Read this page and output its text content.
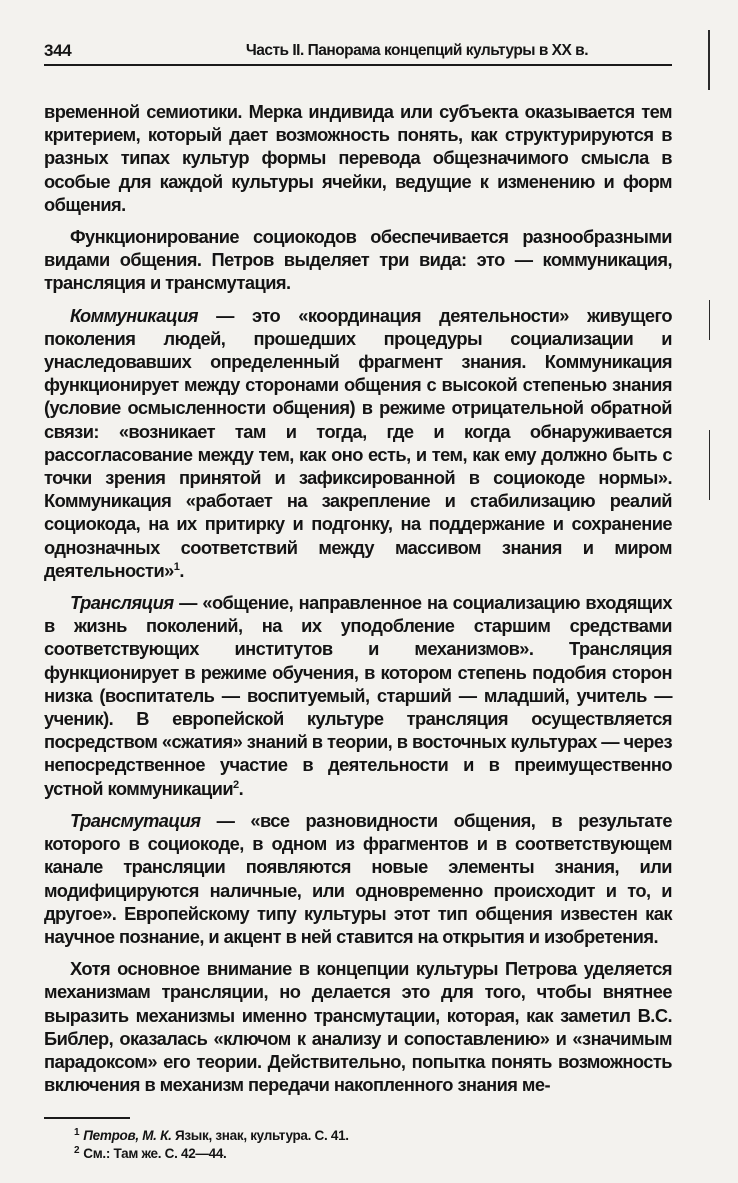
344	Часть II. Панорама концепций культуры в XX в.

временной семиотики. Мерка индивида или субъекта оказывается тем критерием, который дает возможность понять, как структурируются в разных типах культур формы перевода общезначимого смысла в особые для каждой культуры ячейки, ведущие к изменению и форм общения.

Функционирование социокодов обеспечивается разнообразными видами общения. Петров выделяет три вида: это — коммуникация, трансляция и трансмутация.

Коммуникация — это «координация деятельности» живущего поколения людей, прошедших процедуры социализации и унаследовавших определенный фрагмент знания. Коммуникация функционирует между сторонами общения с высокой степенью знания (условие осмысленности общения) в режиме отрицательной обратной связи: «возникает там и тогда, где и когда обнаруживается рассогласование между тем, как оно есть, и тем, как ему должно быть с точки зрения принятой и зафиксированной в социокоде нормы». Коммуникация «работает на закрепление и стабилизацию реалий социокода, на их притирку и подгонку, на поддержание и сохранение однозначных соответствий между массивом знания и миром деятельности»$^1$.

Трансляция — «общение, направленное на социализацию входящих в жизнь поколений, на их уподобление старшим средствами соответствующих институтов и механизмов». Трансляция функционирует в режиме обучения, в котором степень подобия сторон низка (воспитатель — воспитуемый, старший — младший, учитель — ученик). В европейской культуре трансляция осуществляется посредством «сжатия» знаний в теории, в восточных культурах — через непосредственное участие в деятельности и в преимущественно устной коммуникации$^2$.

Трансмутация — «все разновидности общения, в результате которого в социокоде, в одном из фрагментов и в соответствующем канале трансляции появляются новые элементы знания, или модифицируются наличные, или одновременно происходит и то, и другое». Европейскому типу культуры этот тип общения известен как научное познание, и акцент в ней ставится на открытия и изобретения.

Хотя основное внимание в концепции культуры Петрова уделяется механизмам трансляции, но делается это для того, чтобы внятнее выразить механизмы именно трансмутации, которая, как заметил В.С. Библер, оказалась «ключом к анализу и сопоставлению» и «значимым парадоксом» его теории. Действительно, попытка понять возможность включения в механизм передачи накопленного знания ме-

$^1$ Петров, М. К. Язык, знак, культура. С. 41.
$^2$ См.: Там же. С. 42—44.
